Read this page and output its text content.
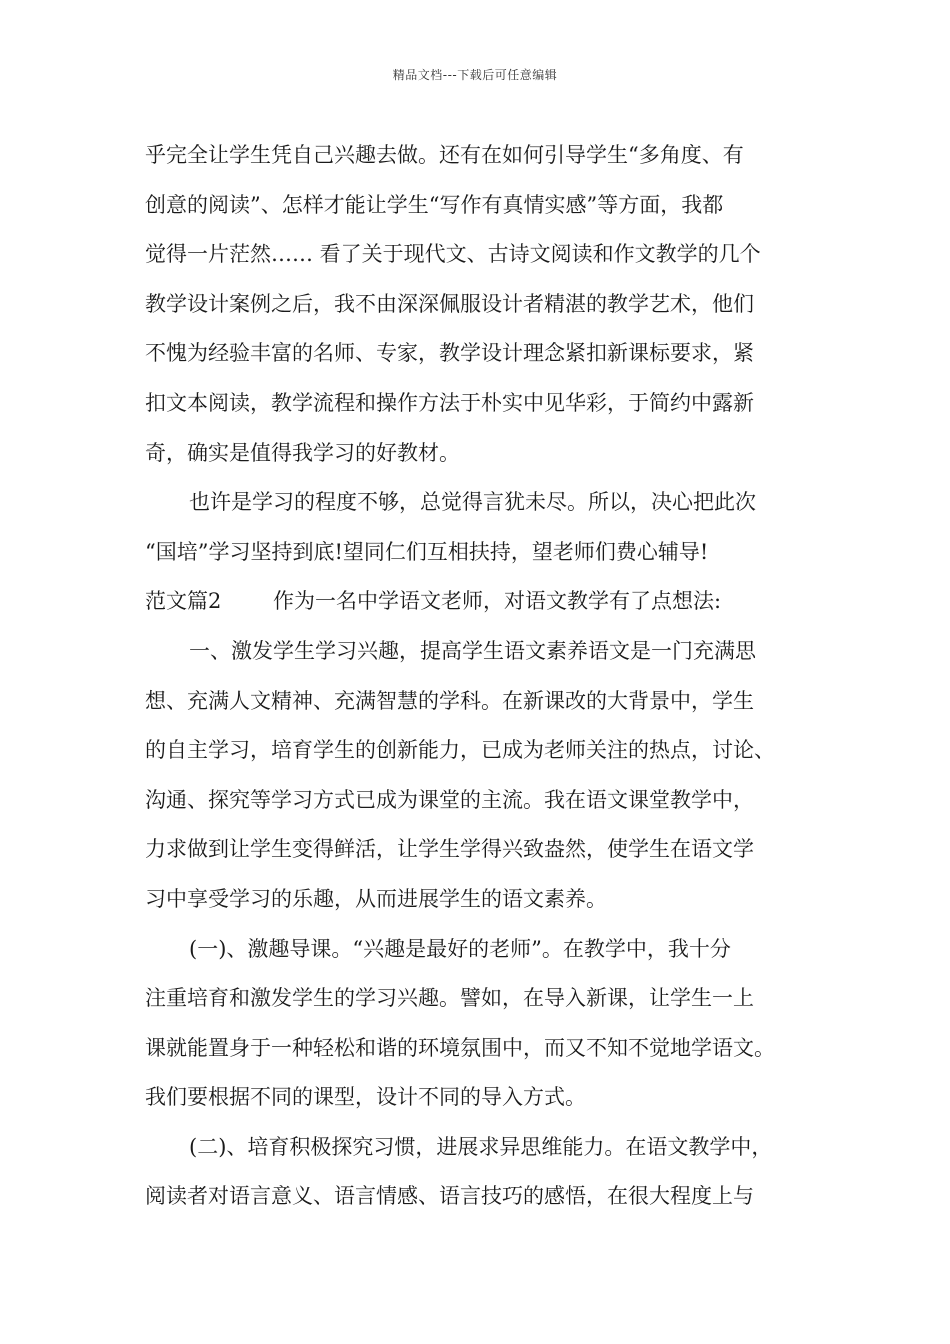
精品文档---下载后可任意编辑
乎完全让学生凭自己兴趣去做。还有在如何引导学生“多角度、有
创意的阅读”、怎样才能让学生“写作有真情实感”等方面，我都
觉得一片茫然…… 看了关于现代文、古诗文阅读和作文教学的几个
教学设计案例之后，我不由深深佩服设计者精湛的教学艺术，他们
不愧为经验丰富的名师、专家，教学设计理念紧扣新课标要求，紧
扣文本阅读，教学流程和操作方法于朴实中见华彩，于简约中露新
奇，确实是值得我学习的好教材。
也许是学习的程度不够，总觉得言犹未尽。所以，决心把此次
“国培”学习坚持到底!望同仁们互相扶持，望老师们费心辅导!
范文篇2 作为一名中学语文老师，对语文教学有了点想法:
一、激发学生学习兴趣，提高学生语文素养语文是一门充满思
想、充满人文精神、充满智慧的学科。在新课改的大背景中，学生
的自主学习，培育学生的创新能力，已成为老师关注的热点，讨论、
沟通、探究等学习方式已成为课堂的主流。我在语文课堂教学中，
力求做到让学生变得鲜活，让学生学得兴致盎然，使学生在语文学
习中享受学习的乐趣，从而进展学生的语文素养。
(一)、激趣导课。“兴趣是最好的老师”。在教学中，我十分
注重培育和激发学生的学习兴趣。譬如，在导入新课，让学生一上
课就能置身于一种轻松和谐的环境氛围中，而又不知不觉地学语文。
我们要根据不同的课型，设计不同的导入方式。
(二)、培育积极探究习惯，进展求异思维能力。在语文教学中，
阅读者对语言意义、语言情感、语言技巧的感悟，在很大程度上与
